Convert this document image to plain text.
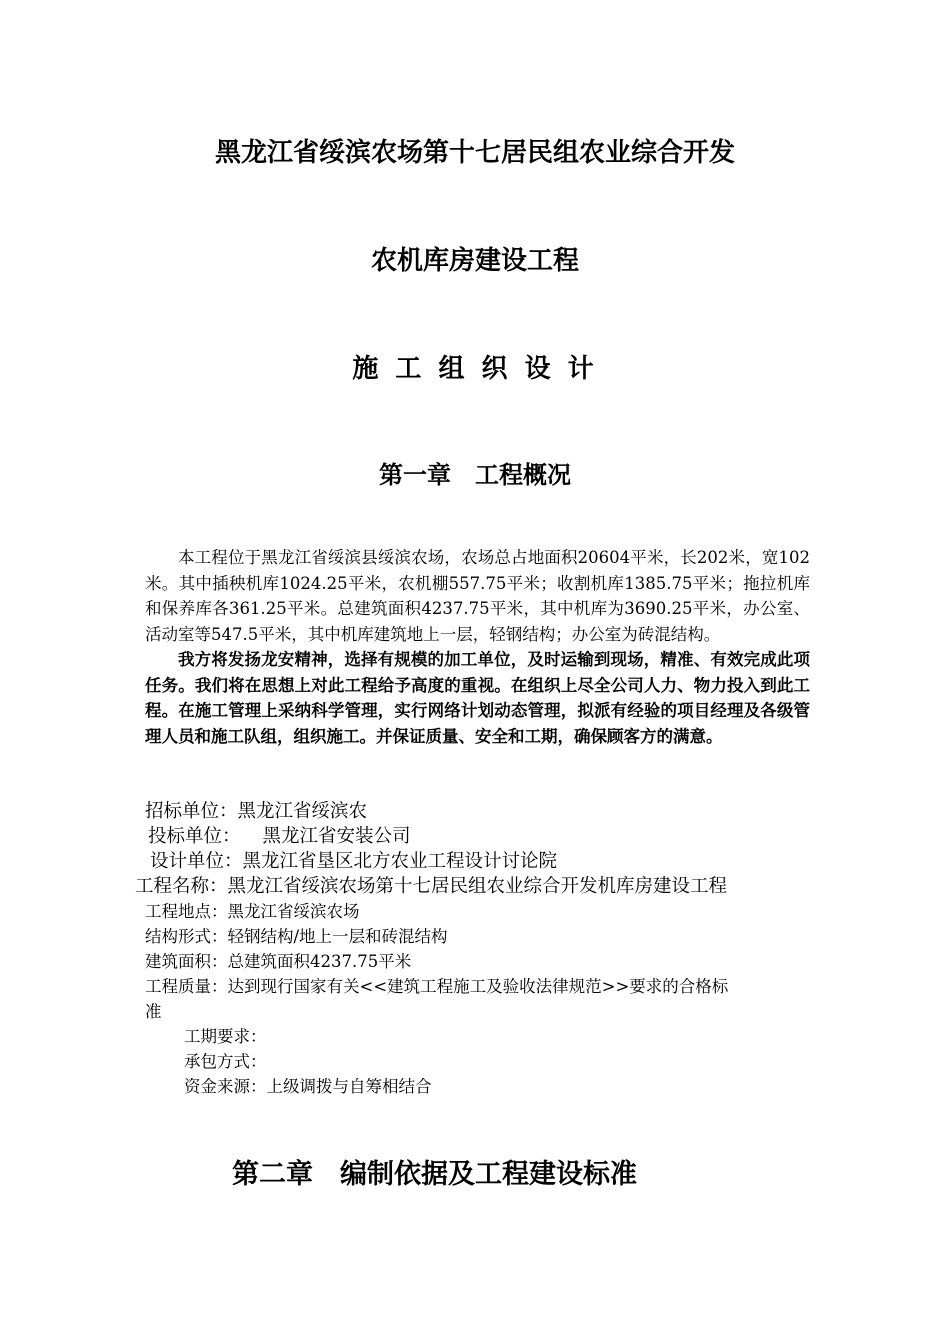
黑龙江省绥滨农场第十七居民组农业综合开发
农机库房建设工程
施 工 组 织 设 计
第一章　工程概况

本工程位于黑龙江省绥滨县绥滨农场，农场总占地面积20604平米，长202米，宽102米。其中插秧机库1024.25平米，农机棚557.75平米；收割机库1385.75平米；拖拉机库和保养库各361.25平米。总建筑面积4237.75平米，其中机库为3690.25平米，办公室、活动室等547.5平米，其中机库建筑地上一层，轻钢结构；办公室为砖混结构。

我方将发扬龙安精神，选择有规模的加工单位，及时运输到现场，精准、有效完成此项任务。我们将在思想上对此工程给予高度的重视。在组织上尽全公司人力、物力投入到此工程。在施工管理上采纳科学管理，实行网络计划动态管理，拟派有经验的项目经理及各级管理人员和施工队组，组织施工。并保证质量、安全和工期，确保顾客方的满意。

招标单位：黑龙江省绥滨农
投标单位： 黑龙江省安装公司
设计单位：黑龙江省垦区北方农业工程设计讨论院
工程名称：黑龙江省绥滨农场第十七居民组农业综合开发机库房建设工程
工程地点：黑龙江省绥滨农场
结构形式：轻钢结构/地上一层和砖混结构
建筑面积：总建筑面积4237.75平米
工程质量：达到现行国家有关<<建筑工程施工及验收法律规范>>要求的合格标
准
工期要求：
承包方式：
资金来源：上级调拨与自筹相结合
第二章　编制依据及工程建设标准
